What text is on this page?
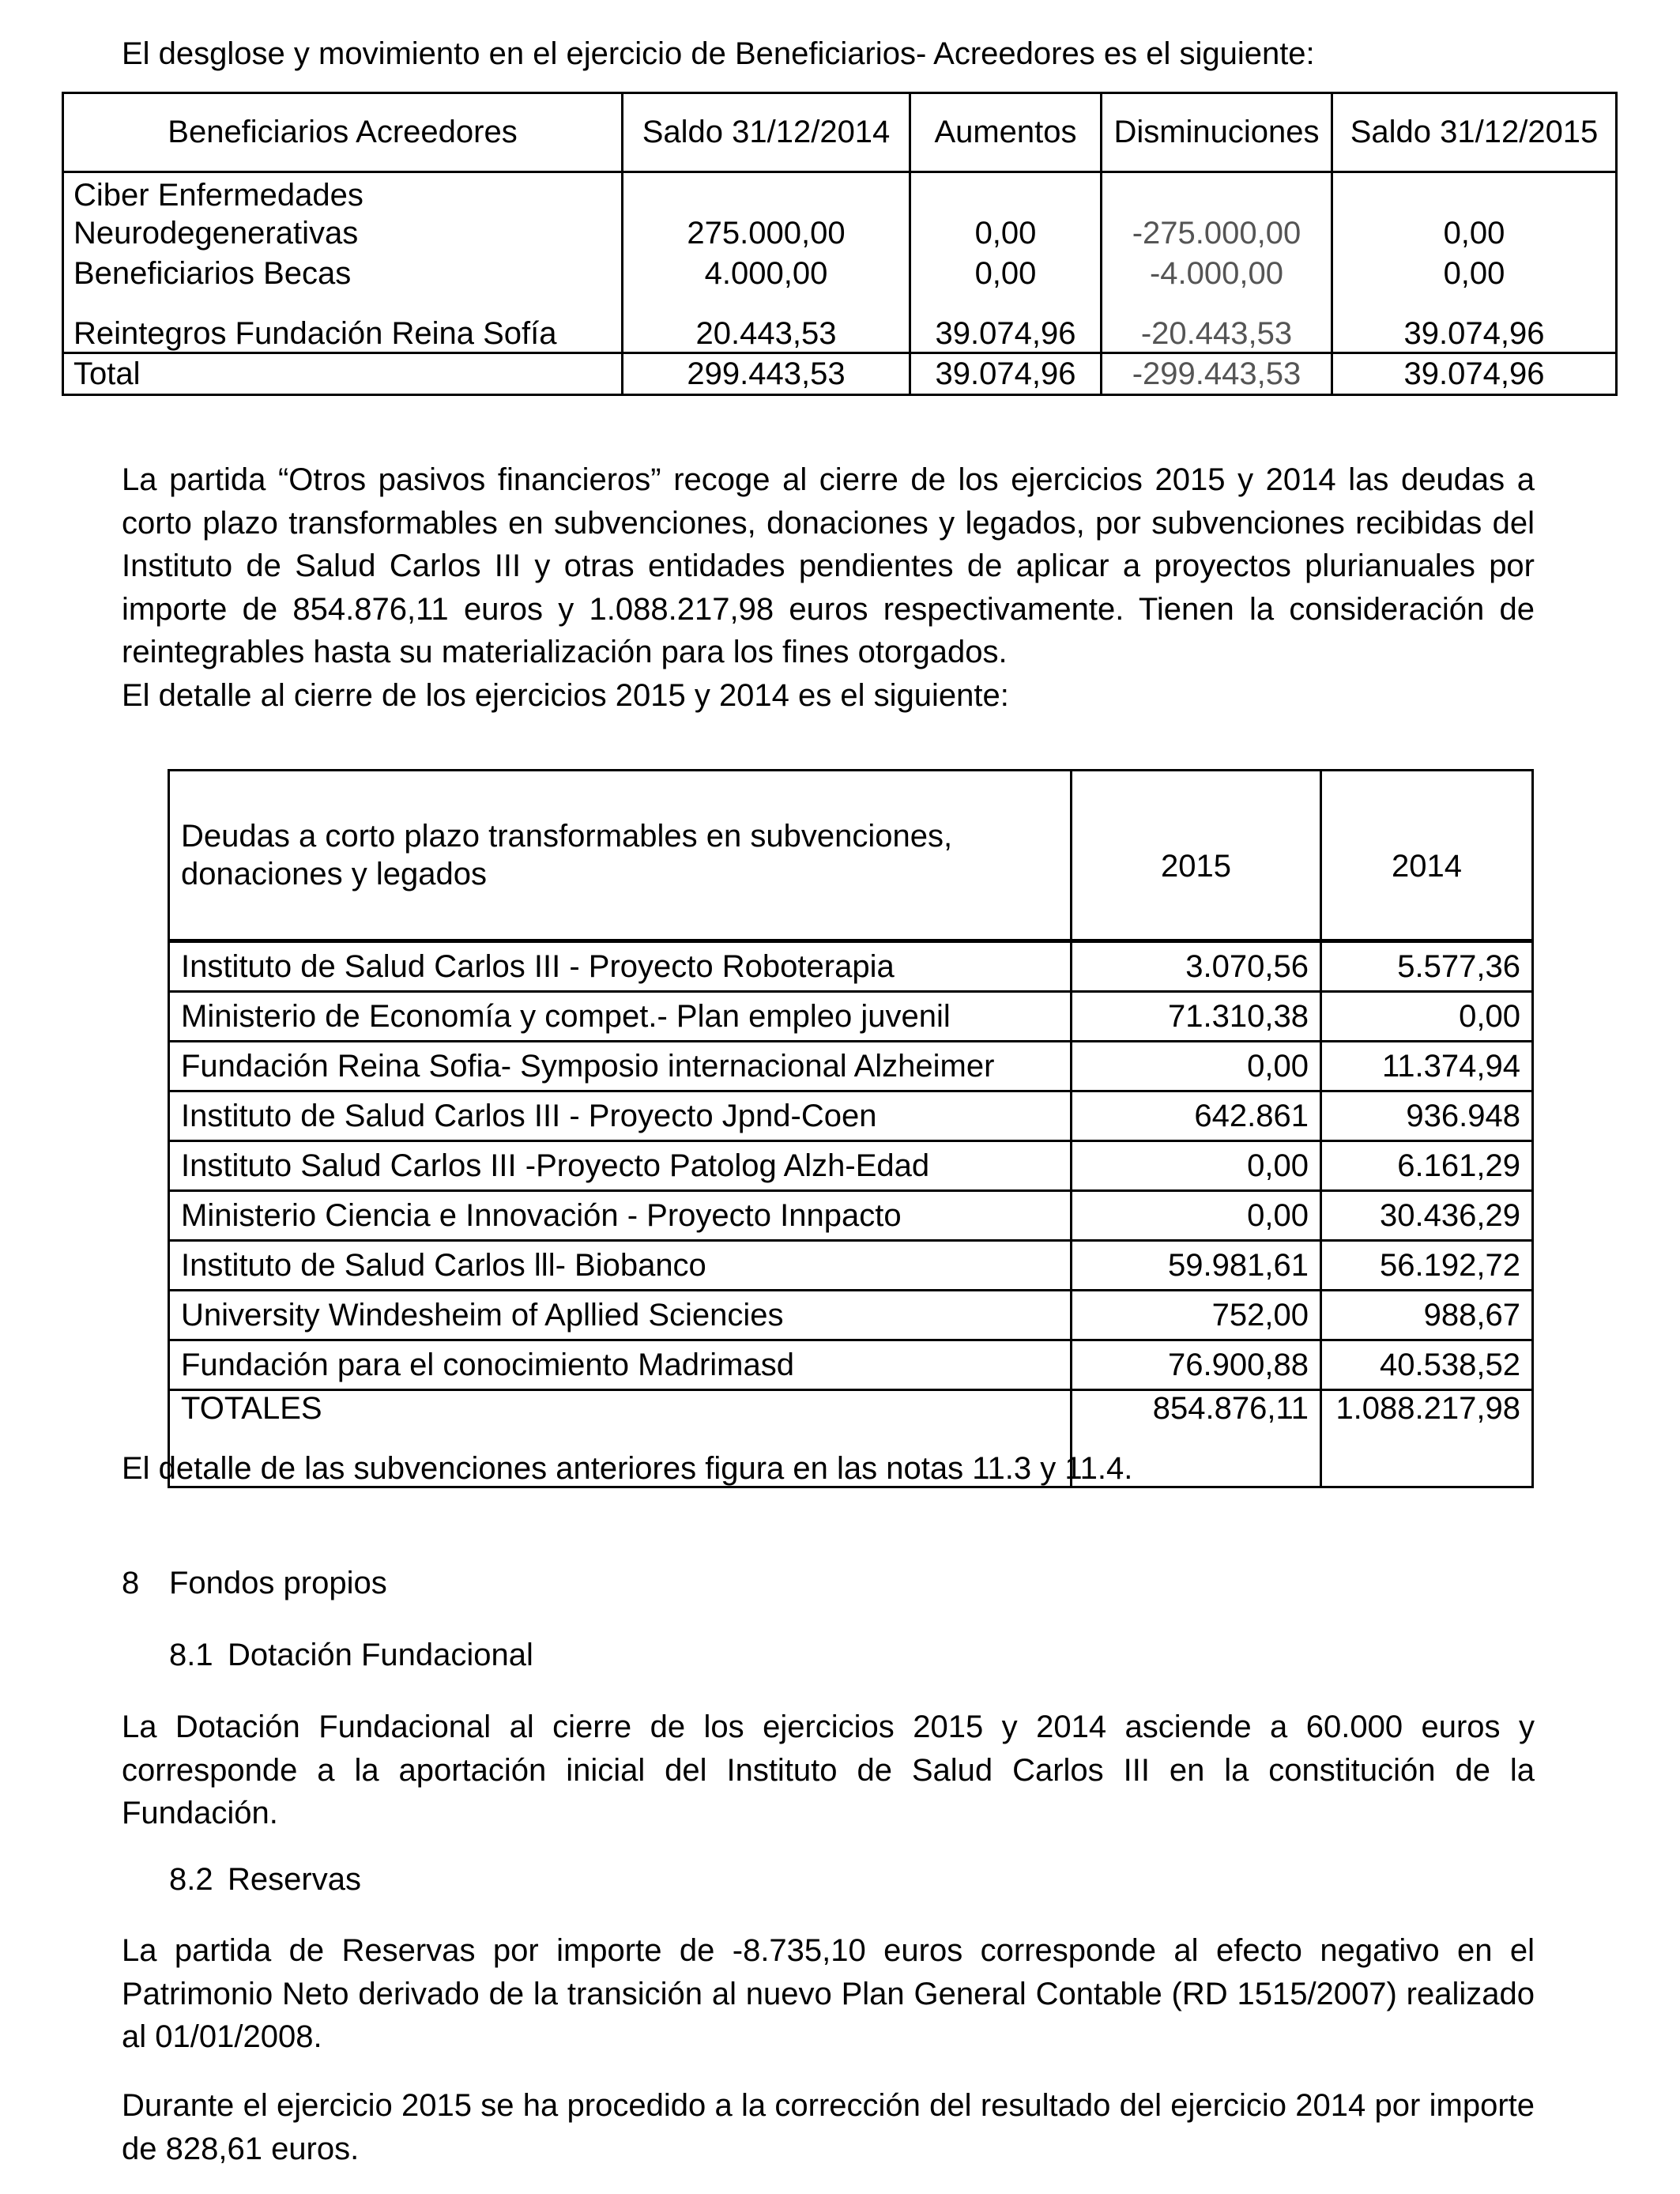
El desglose y movimiento en el ejercicio de Beneficiarios- Acreedores es el siguiente:
Beneficiarios Acreedores	Saldo 31/12/2014	Aumentos	Disminuciones	Saldo 31/12/2015

Ciber Enfermedades
Neurodegenerativas	275.000,00	0,00	-275.000,00	0,00
Beneficiarios Becas	4.000,00	0,00	-4.000,00	0,00
Reintegros Fundación Reina Sofía	20.443,53	39.074,96	-20.443,53	39.074,96
Total	299.443,53	39.074,96	-299.443,53	39.074,96
La partida “Otros pasivos financieros” recoge al cierre de los ejercicios 2015 y 2014 las deudas a
corto plazo transformables en subvenciones, donaciones y legados, por subvenciones recibidas del
Instituto de Salud Carlos III y otras entidades pendientes de aplicar a proyectos plurianuales por
importe de 854.876,11 euros y 1.088.217,98 euros respectivamente. Tienen la consideración de
reintegrables hasta su materialización para los fines otorgados.
El detalle al cierre de los ejercicios 2015 y 2014 es el siguiente:
Deudas a corto plazo transformables en subvenciones,
donaciones y legados	2015	2014
Instituto de Salud Carlos III - Proyecto Roboterapia	3.070,56	5.577,36
Ministerio de Economía y compet.- Plan empleo juvenil	71.310,38	0,00
Fundación Reina Sofia- Symposio internacional Alzheimer	0,00	11.374,94
Instituto de Salud Carlos III - Proyecto Jpnd-Coen	642.861	936.948
Instituto Salud Carlos III -Proyecto Patolog Alzh-Edad	0,00	6.161,29
Ministerio Ciencia e Innovación - Proyecto Innpacto	0,00	30.436,29
Instituto de Salud Carlos lll- Biobanco	59.981,61	56.192,72
University Windesheim of Apllied Sciencies	752,00	988,67
Fundación para el conocimiento Madrimasd	76.900,88	40.538,52
TOTALES	854.876,11	1.088.217,98

El detalle de las subvenciones anteriores figura en las notas 11.3 y 11.4.
8 Fondos propios
8.1 Dotación Fundacional
La Dotación Fundacional al cierre de los ejercicios 2015 y 2014 asciende a 60.000 euros y
corresponde a la aportación inicial del Instituto de Salud Carlos III en la constitución de la
Fundación.
8.2 Reservas
La partida de Reservas por importe de -8.735,10 euros corresponde al efecto negativo en el
Patrimonio Neto derivado de la transición al nuevo Plan General Contable (RD 1515/2007) realizado
al 01/01/2008.
Durante el ejercicio 2015 se ha procedido a la corrección del resultado del ejercicio 2014 por importe
de 828,61 euros.
